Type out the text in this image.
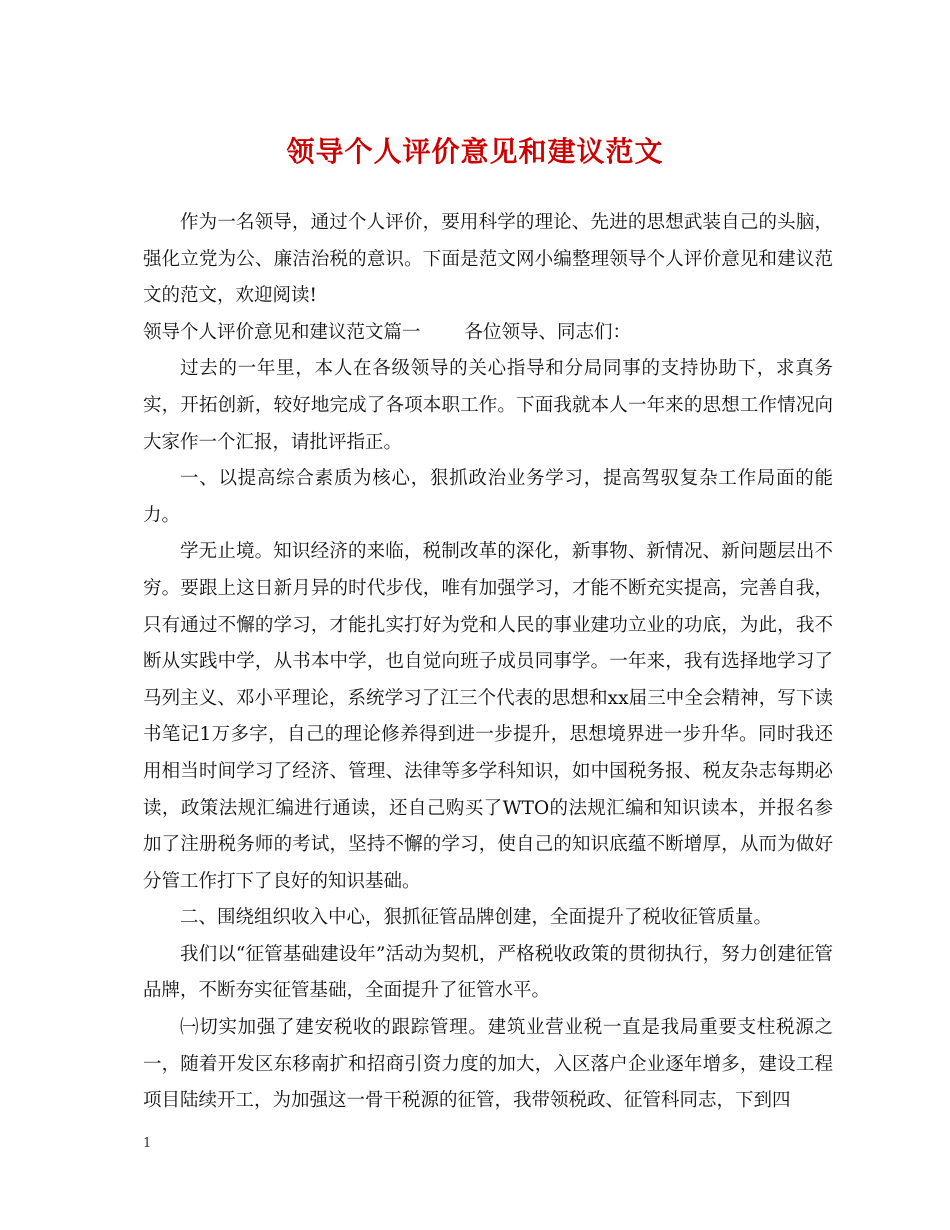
领导个人评价意见和建议范文

作为一名领导，通过个人评价，要用科学的理论、先进的思想武装自己的头脑，强化立党为公、廉洁治税的意识。下面是范文网小编整理领导个人评价意见和建议范文的范文，欢迎阅读!

领导个人评价意见和建议范文篇一 各位领导、同志们：

过去的一年里，本人在各级领导的关心指导和分局同事的支持协助下，求真务实，开拓创新，较好地完成了各项本职工作。下面我就本人一年来的思想工作情况向大家作一个汇报，请批评指正。

一、以提高综合素质为核心，狠抓政治业务学习，提高驾驭复杂工作局面的能力。

学无止境。知识经济的来临，税制改革的深化，新事物、新情况、新问题层出不穷。要跟上这日新月异的时代步伐，唯有加强学习，才能不断充实提高，完善自我，只有通过不懈的学习，才能扎实打好为党和人民的事业建功立业的功底，为此，我不断从实践中学，从书本中学，也自觉向班子成员同事学。一年来，我有选择地学习了马列主义、邓小平理论，系统学习了江三个代表的思想和xx届三中全会精神，写下读书笔记1万多字，自己的理论修养得到进一步提升，思想境界进一步升华。同时我还用相当时间学习了经济、管理、法律等多学科知识，如中国税务报、税友杂志每期必读，政策法规汇编进行通读，还自己购买了WTO的法规汇编和知识读本，并报名参加了注册税务师的考试，坚持不懈的学习，使自己的知识底蕴不断增厚，从而为做好分管工作打下了良好的知识基础。

二、围绕组织收入中心，狠抓征管品牌创建，全面提升了税收征管质量。

我们以“征管基础建设年”活动为契机，严格税收政策的贯彻执行，努力创建征管品牌，不断夯实征管基础，全面提升了征管水平。

㈠切实加强了建安税收的跟踪管理。建筑业营业税一直是我局重要支柱税源之一，随着开发区东移南扩和招商引资力度的加大，入区落户企业逐年增多，建设工程项目陆续开工，为加强这一骨干税源的征管，我带领税政、征管科同志，下到四

1
